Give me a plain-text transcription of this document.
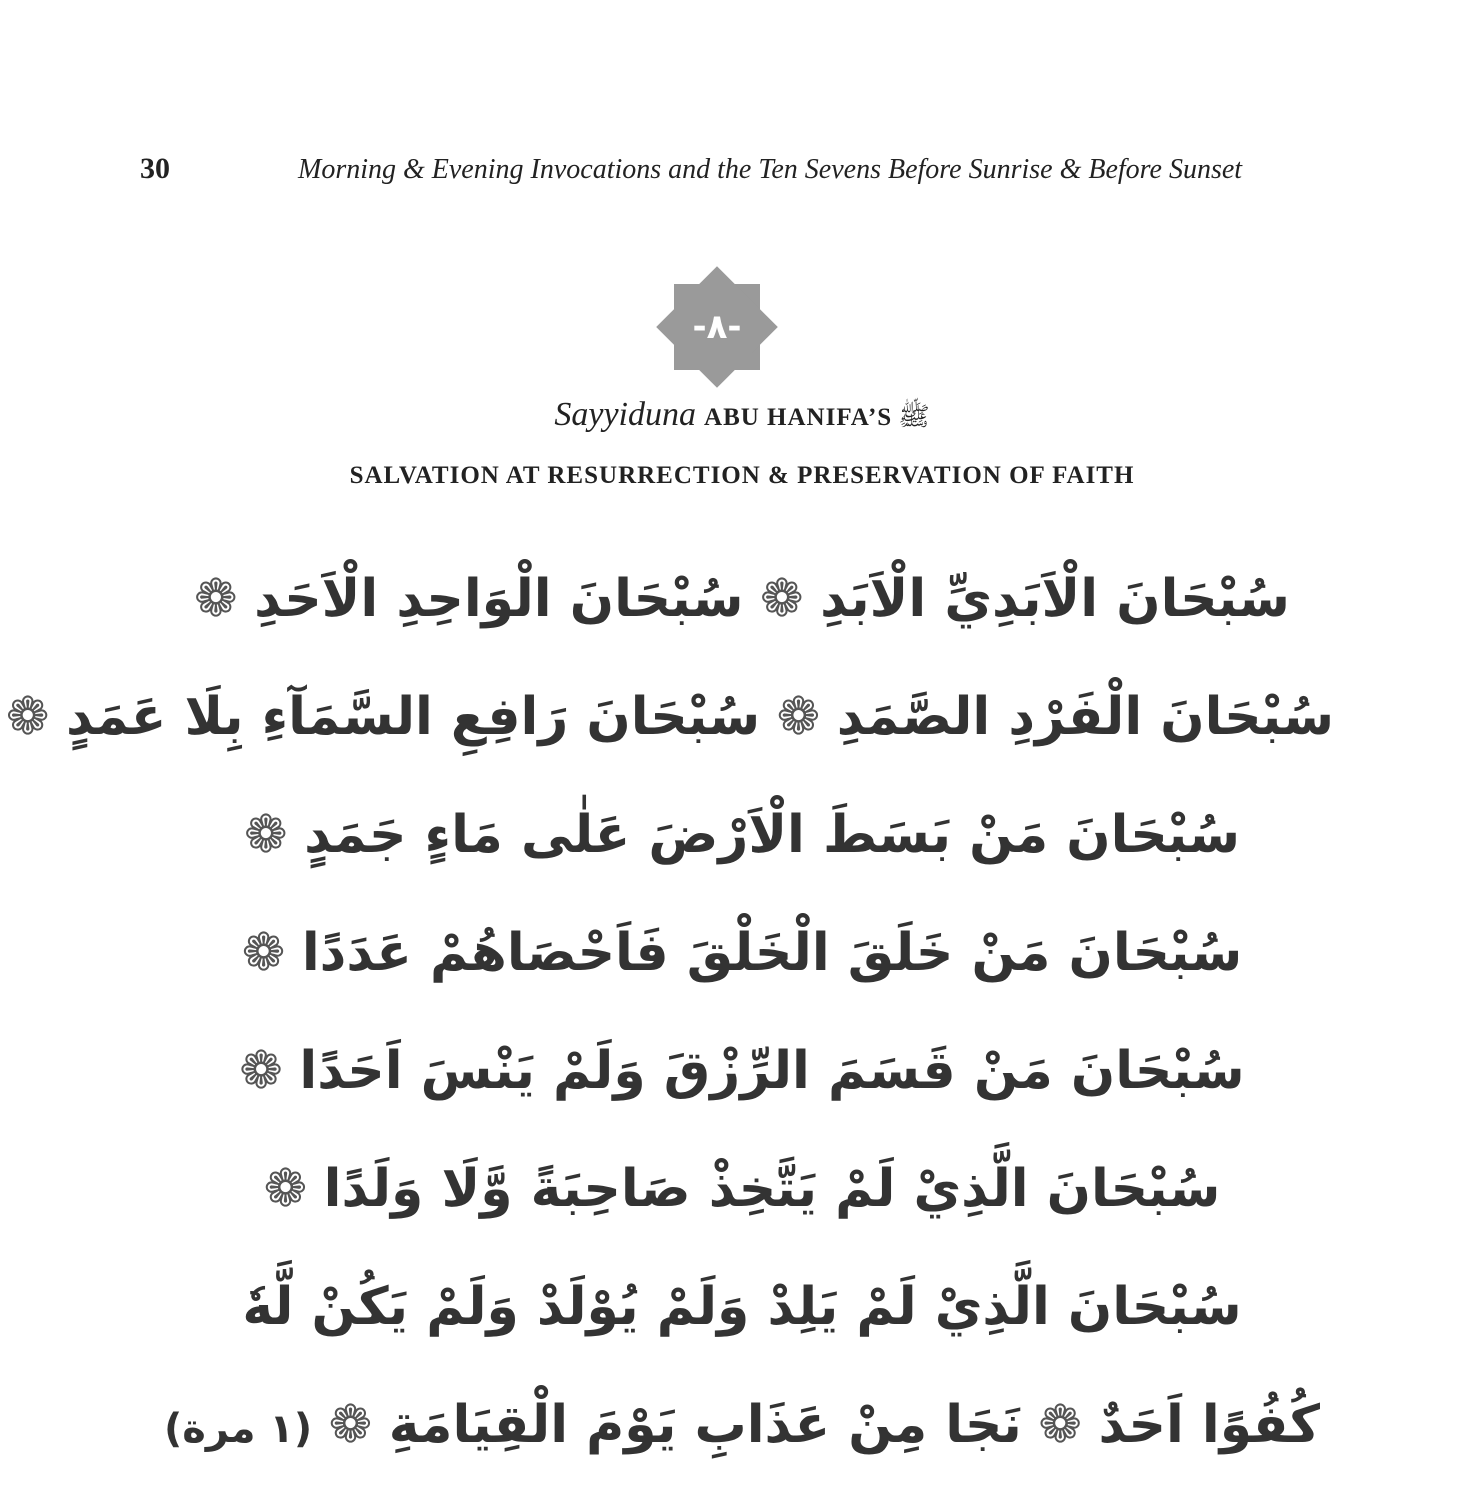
30	Morning & Evening Invocations and the Ten Sevens Before Sunrise & Before Sunset
-٨-
Sayyiduna ABU HANIFA’S ﷺ
SALVATION AT RESURRECTION & PRESERVATION OF FAITH
سُبْحَانَ الْاَبَدِيِّ الْاَبَدِ ❁ سُبْحَانَ الْوَاحِدِ الْاَحَدِ ❁
سُبْحَانَ الْفَرْدِ الصَّمَدِ ❁ سُبْحَانَ رَافِعِ السَّمَآءِ بِلَا عَمَدٍ ❁
سُبْحَانَ مَنْ بَسَطَ الْاَرْضَ عَلٰى مَاءٍ جَمَدٍ ❁
سُبْحَانَ مَنْ خَلَقَ الْخَلْقَ فَاَحْصَاهُمْ عَدَدًا ❁
سُبْحَانَ مَنْ قَسَمَ الرِّزْقَ وَلَمْ يَنْسَ اَحَدًا ❁
سُبْحَانَ الَّذِيْ لَمْ يَتَّخِذْ صَاحِبَةً وَّلَا وَلَدًا ❁
سُبْحَانَ الَّذِيْ لَمْ يَلِدْ وَلَمْ يُوْلَدْ وَلَمْ يَكُنْ لَّهٗ
كُفُوًا اَحَدٌ ❁ نَجَا مِنْ عَذَابِ يَوْمَ الْقِيَامَةِ ❁ (١ مرة)
